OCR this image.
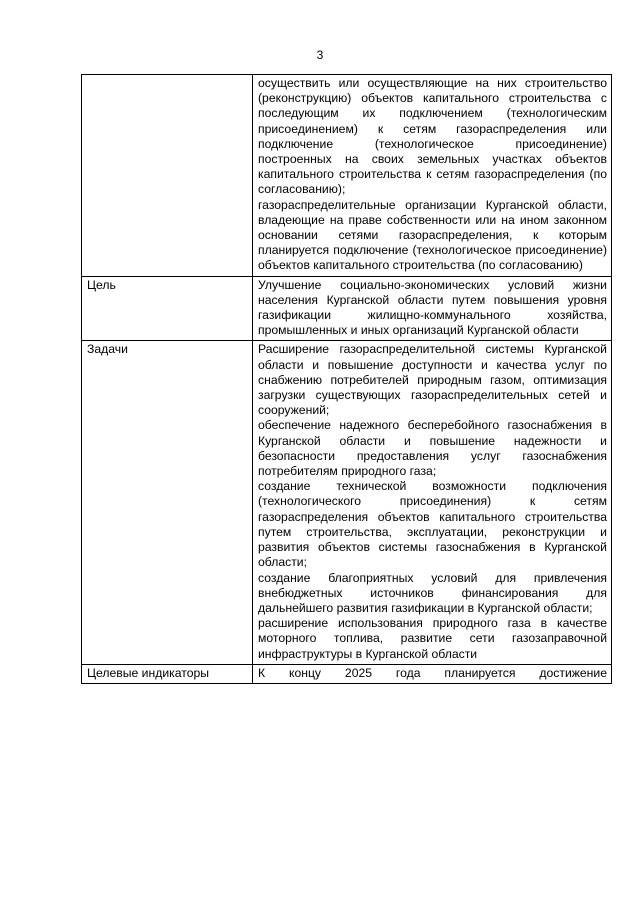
3

	осуществить или осуществляющие на них строительство (реконструкцию) объектов капитального строительства с последующим их подключением (технологическим присоединением) к сетям газораспределения или подключение (технологическое присоединение) построенных на своих земельных участках объектов капитального строительства к сетям газораспределения (по согласованию);

газораспределительные организации Курганской области, владеющие на праве собственности или на ином законном основании сетями газораспределения, к которым планируется подключение (технологическое присоединение) объектов капитального строительства (по согласованию)

Цель	Улучшение социально-экономических условий жизни населения Курганской области путем повышения уровня газификации жилищно-коммунального хозяйства, промышленных и иных организаций Курганской области

Задачи	Расширение газораспределительной системы Курганской области и повышение доступности и качества услуг по снабжению потребителей природным газом, оптимизация загрузки существующих газораспределительных сетей и сооружений;

обеспечение надежного бесперебойного газоснабжения в Курганской области и повышение надежности и безопасности предоставления услуг газоснабжения потребителям природного газа;

создание технической возможности подключения (технологического присоединения) к сетям газораспределения объектов капитального строительства путем строительства, эксплуатации, реконструкции и развития объектов системы газоснабжения в Курганской области;

создание благоприятных условий для привлечения внебюджетных источников финансирования для дальнейшего развития газификации в Курганской области;

расширение использования природного газа в качестве моторного топлива, развитие сети газозаправочной инфраструктуры в Курганской области

Целевые индикаторы	К концу 2025 года планируется достижение
